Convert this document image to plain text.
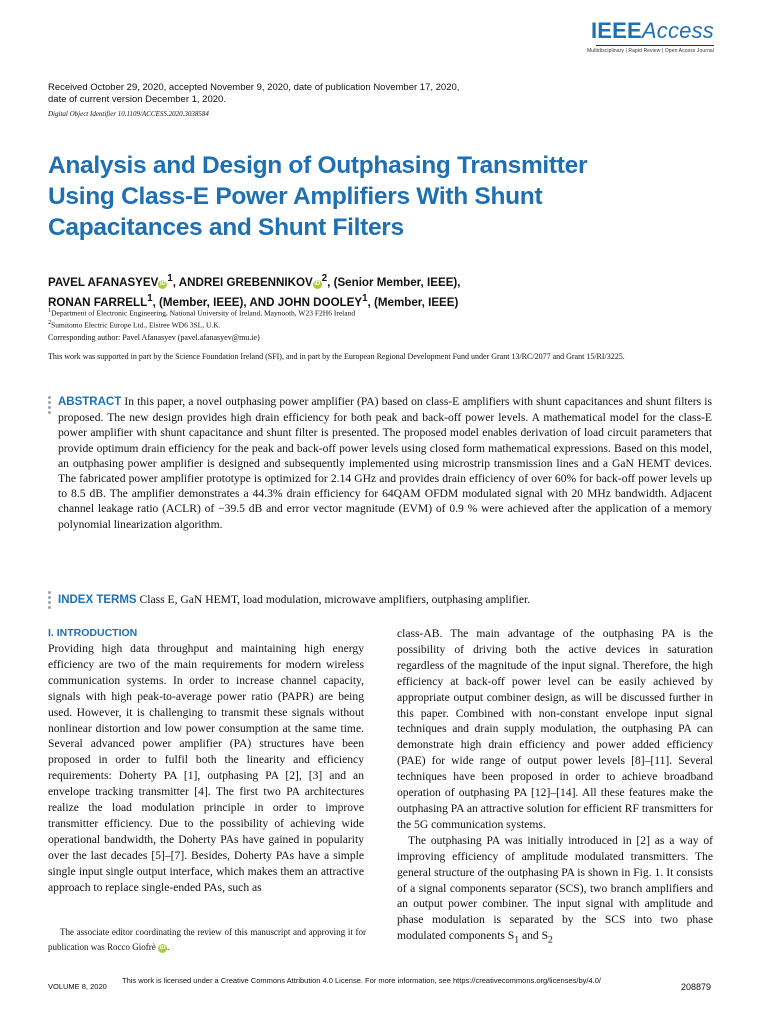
IEEEAccess
Multidisciplinary | Rapid Review | Open Access Journal
Received October 29, 2020, accepted November 9, 2020, date of publication November 17, 2020,
date of current version December 1, 2020.
Digital Object Identifier 10.1109/ACCESS.2020.3038584
Analysis and Design of Outphasing Transmitter
Using Class-E Power Amplifiers With Shunt
Capacitances and Shunt Filters
PAVEL AFANASYEV iD $^1$, ANDREI GREBENNIKOV iD $^2$, (Senior Member, IEEE),
RONAN FARRELL$^1$, (Member, IEEE), AND JOHN DOOLEY$^1$, (Member, IEEE)
$^1$Department of Electronic Engineering, National University of Ireland, Maynooth, W23 F2H6 Ireland
$^2$Sumitomo Electric Europe Ltd., Elstree WD6 3SL, U.K.
Corresponding author: Pavel Afanasyev (pavel.afanasyev@mu.ie)
This work was supported in part by the Science Foundation Ireland (SFI), and in part by the European Regional Development Fund under Grant 13/RC/2077 and Grant 15/RI/3225.
ABSTRACT In this paper, a novel outphasing power amplifier (PA) based on class-E amplifiers with shunt capacitances and shunt filters is proposed. The new design provides high drain efficiency for both peak and back-off power levels. A mathematical model for the class-E power amplifier with shunt capacitance and shunt filter is presented. The proposed model enables derivation of load circuit parameters that provide optimum drain efficiency for the peak and back-off power levels using closed form mathematical expressions. Based on this model, an outphasing power amplifier is designed and subsequently implemented using microstrip transmission lines and a GaN HEMT devices. The fabricated power amplifier prototype is optimized for 2.14 GHz and provides drain efficiency of over 60% for back-off power levels up to 8.5 dB. The amplifier demonstrates a 44.3% drain efficiency for 64QAM OFDM modulated signal with 20 MHz bandwidth. Adjacent channel leakage ratio (ACLR) of −39.5 dB and error vector magnitude (EVM) of 0.9 % were achieved after the application of a memory polynomial linearization algorithm.
INDEX TERMS Class E, GaN HEMT, load modulation, microwave amplifiers, outphasing amplifier.
I. INTRODUCTION
Providing high data throughput and maintaining high energy efficiency are two of the main requirements for modern wireless communication systems. In order to increase channel capacity, signals with high peak-to-average power ratio (PAPR) are being used. However, it is challenging to transmit these signals without nonlinear distortion and low power consumption at the same time. Several advanced power amplifier (PA) structures have been proposed in order to fulfil both the linearity and efficiency requirements: Doherty PA [1], outphasing PA [2], [3] and an envelope tracking transmitter [4]. The first two PA architectures realize the load modulation principle in order to improve transmitter efficiency. Due to the possibility of achieving wide operational bandwidth, the Doherty PAs have gained in popularity over the last decades [5]–[7]. Besides, Doherty PAs have a simple single input single output interface, which makes them an attractive approach to replace single-ended PAs, such as
The associate editor coordinating the review of this manuscript and approving it for publication was Rocco Giofrè iD .
class-AB. The main advantage of the outphasing PA is the possibility of driving both the active devices in saturation regardless of the magnitude of the input signal. Therefore, the high efficiency at back-off power level can be easily achieved by appropriate output combiner design, as will be discussed further in this paper. Combined with non-constant envelope input signal techniques and drain supply modulation, the outphasing PA can demonstrate high drain efficiency and power added efficiency (PAE) for wide range of output power levels [8]–[11]. Several techniques have been proposed in order to achieve broadband operation of outphasing PA [12]–[14]. All these features make the outphasing PA an attractive solution for efficient RF transmitters for the 5G communication systems.
The outphasing PA was initially introduced in [2] as a way of improving efficiency of amplitude modulated transmitters. The general structure of the outphasing PA is shown in Fig. 1. It consists of a signal components separator (SCS), two branch amplifiers and an output power combiner. The input signal with amplitude and phase modulation is separated by the SCS into two phase modulated components $S_1$ and $S_2$
VOLUME 8, 2020
This work is licensed under a Creative Commons Attribution 4.0 License. For more information, see https://creativecommons.org/licenses/by/4.0/
208879
